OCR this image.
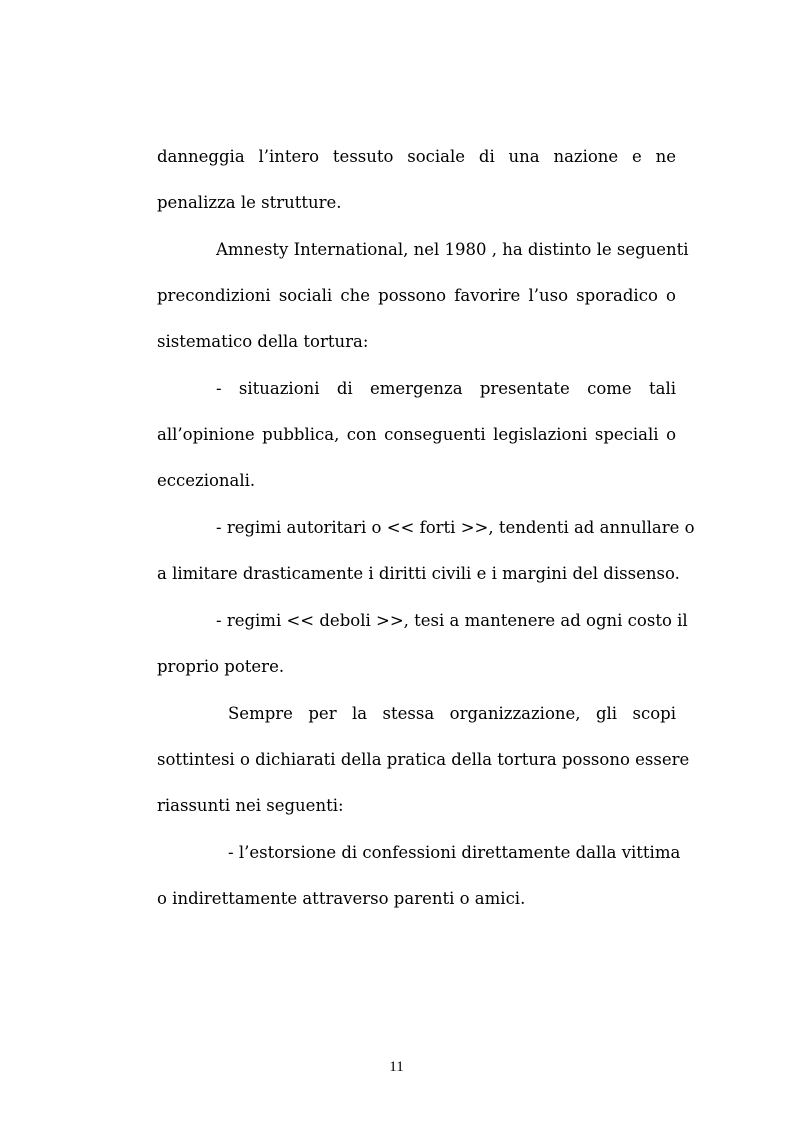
danneggia l’intero tessuto sociale di una nazione e ne

penalizza le strutture.

Amnesty International, nel 1980 , ha distinto le seguenti

precondizioni sociali che possono favorire l’uso sporadico o

sistematico della tortura:

- situazioni di emergenza presentate come tali

all’opinione pubblica, con conseguenti legislazioni speciali o

eccezionali.

- regimi autoritari o << forti >>, tendenti ad annullare o

a limitare drasticamente i diritti civili e i margini del dissenso.

- regimi << deboli >>, tesi a mantenere ad ogni costo il

proprio potere.

Sempre per la stessa organizzazione, gli scopi

sottintesi o dichiarati della pratica della tortura possono essere

riassunti nei seguenti:

- l’estorsione di confessioni direttamente dalla vittima

o indirettamente attraverso parenti o amici.

11
